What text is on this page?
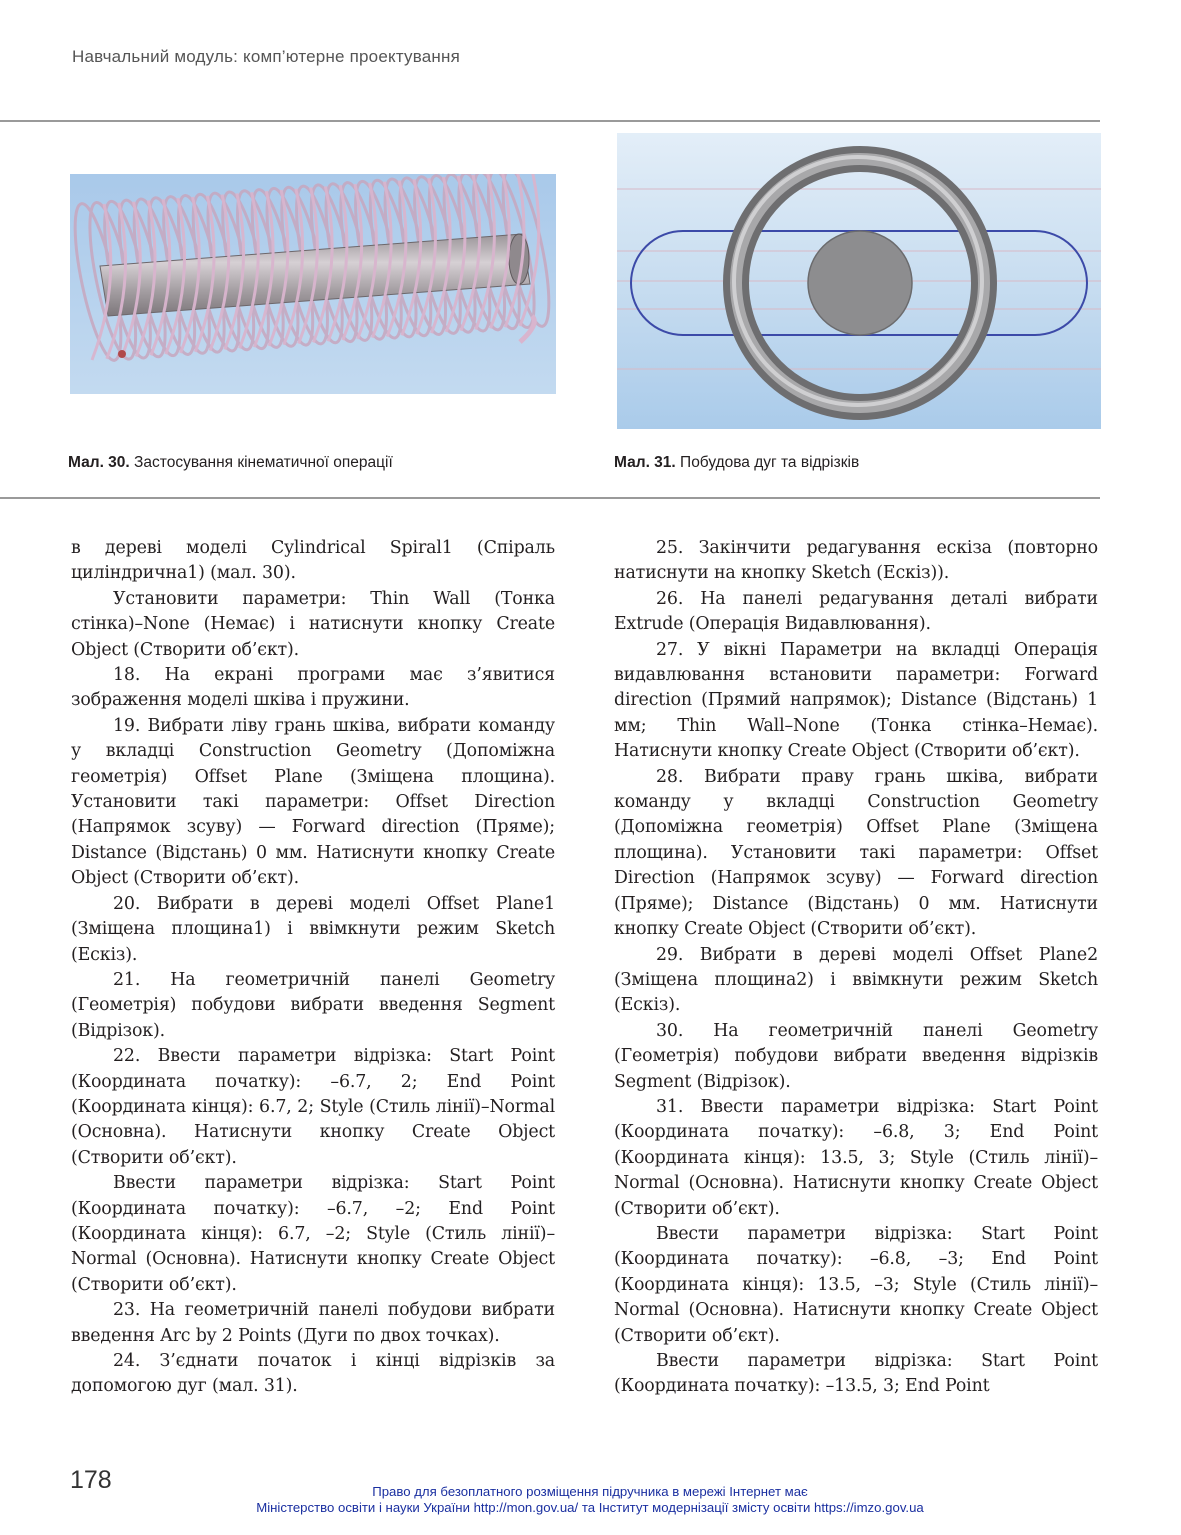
Навчальний модуль: комп’ютерне проектування
Мал. 30. Застосування кінематичної операції	Мал. 31. Побудова дуг та відрізків

в дереві моделі Cylindrical Spiral1 (Спіраль циліндрична1) (мал. 30).

Установити параметри: Thin Wall (Тонка стінка)–None (Немає) і натиснути кнопку Create Object (Створити об’єкт).

18. На екрані програми має з’явитися зображення моделі шківа і пружини.

19. Вибрати ліву грань шківа, вибрати команду у вкладці Construction Geometry (Допоміжна геометрія) Offset Plane (Зміщена площина). Установити такі параметри: Offset Direction (Напрямок зсуву) — Forward direction (Пряме); Distance (Відстань) 0 мм. Натиснути кнопку Create Object (Створити об’єкт).

20. Вибрати в дереві моделі Offset Plane1 (Зміщена площина1) і ввімкнути режим Sketch (Ескіз).

21. На геометричній панелі Geometry (Геометрія) побудови вибрати введення Segment (Відрізок).

22. Ввести параметри відрізка: Start Point (Координата початку): –6.7, 2; End Point (Координата кінця): 6.7, 2; Style (Стиль лінії)–Normal (Основна). Натиснути кнопку Create Object (Створити об’єкт).

Ввести параметри відрізка: Start Point (Координата початку): –6.7, –2; End Point (Координата кінця): 6.7, –2; Style (Стиль лінії)–Normal (Основна). Натиснути кнопку Create Object (Створити об’єкт).

23. На геометричній панелі побудови вибрати введення Arc by 2 Points (Дуги по двох точках).

24. З’єднати початок і кінці відрізків за допомогою дуг (мал. 31).

25. Закінчити редагування ескіза (повторно натиснути на кнопку Sketch (Ескіз)).

26. На панелі редагування деталі вибрати Extrude (Операція Видавлювання).

27. У вікні Параметри на вкладці Операція видавлювання встановити параметри: Forward direction (Прямий напрямок); Distance (Відстань) 1 мм; Thin Wall–None (Тонка стінка–Немає). Натиснути кнопку Create Object (Створити об’єкт).

28. Вибрати праву грань шківа, вибрати команду у вкладці Construction Geometry (Допоміжна геометрія) Offset Plane (Зміщена площина). Установити такі параметри: Offset Direction (Напрямок зсуву) — Forward direction (Пряме); Distance (Відстань) 0 мм. Натиснути кнопку Create Object (Створити об’єкт).

29. Вибрати в дереві моделі Offset Plane2 (Зміщена площина2) і ввімкнути режим Sketch (Ескіз).

30. На геометричній панелі Geometry (Геометрія) побудови вибрати введення відрізків Segment (Відрізок).

31. Ввести параметри відрізка: Start Point (Координата початку): –6.8, 3; End Point (Координата кінця): 13.5, 3; Style (Стиль лінії)–Normal (Основна). Натиснути кнопку Create Object (Створити об’єкт).

Ввести параметри відрізка: Start Point (Координата початку): –6.8, –3; End Point (Координата кінця): 13.5, –3; Style (Стиль лінії)–Normal (Основна). Натиснути кнопку Create Object (Створити об’єкт).

Ввести параметри відрізка: Start Point (Координата початку): –13.5, 3; End Point

178	Право для безоплатного розміщення підручника в мережі Інтернет має
Міністерство освіти і науки України http://mon.gov.ua/ та Інститут модернізації змісту освіти https://imzo.gov.ua
